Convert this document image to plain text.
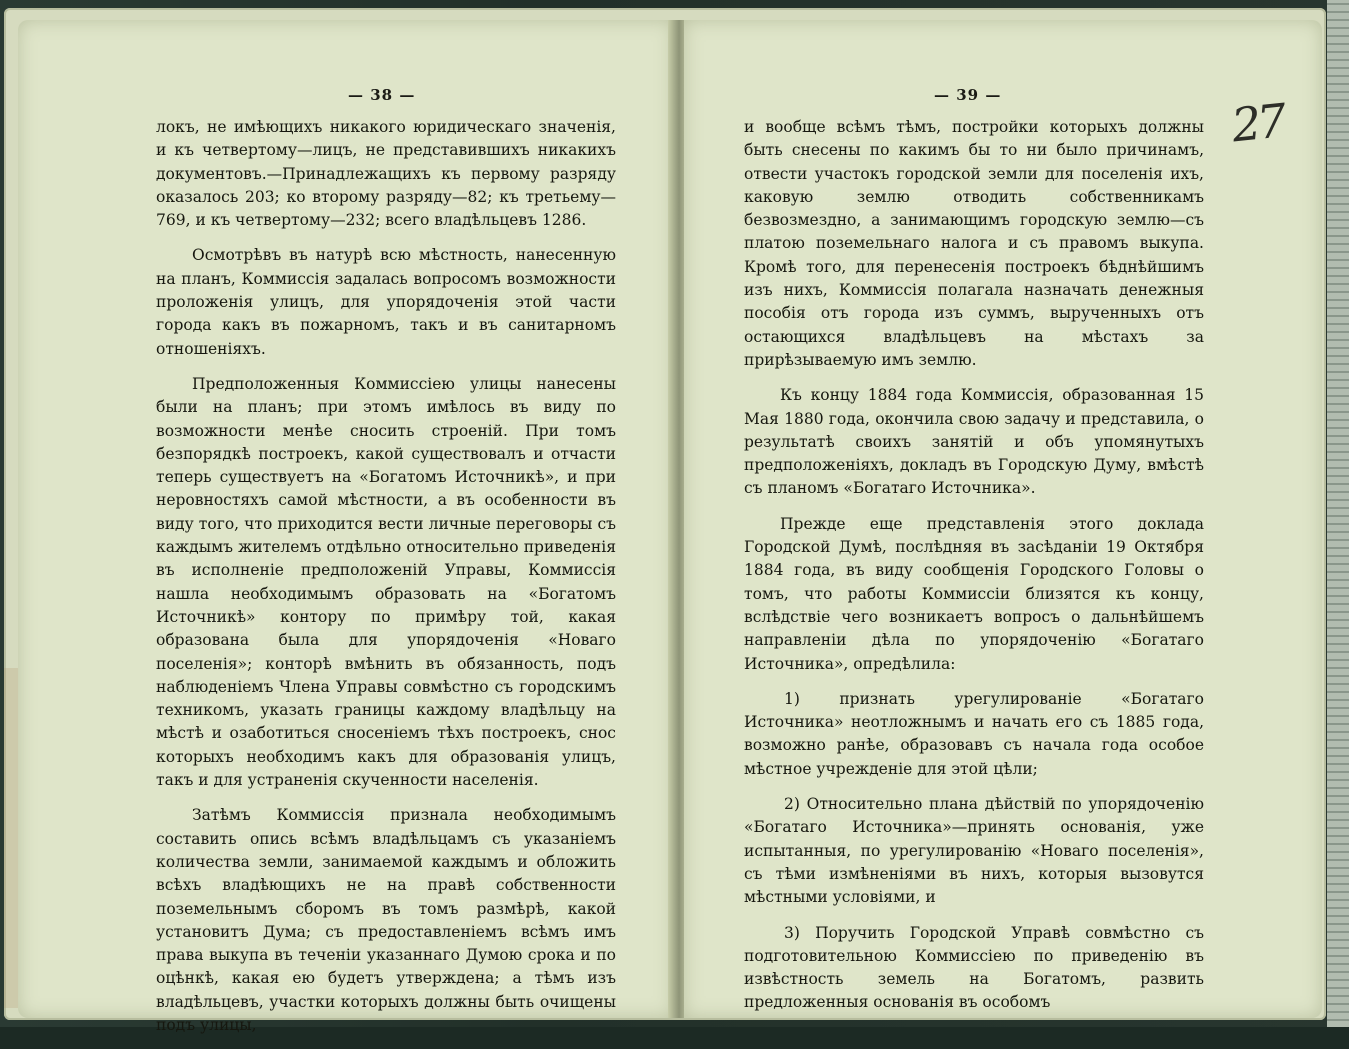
— 38 —

локъ, не имѣющихъ никакого юридическаго значенія, и къ четвертому—лицъ, не представившихъ никакихъ документовъ.—Принадлежащихъ къ первому разряду оказалось 203; ко второму разряду—82; къ третьему—769, и къ четвертому—232; всего владѣльцевъ 1286.

Осмотрѣвъ въ натурѣ всю мѣстность, нанесенную на планъ, Коммиссія задалась вопросомъ возможности проложенія улицъ, для упорядоченія этой части города какъ въ пожарномъ, такъ и въ санитарномъ отношеніяхъ.

Предположенныя Коммиссіею улицы нанесены были на планъ; при этомъ имѣлось въ виду по возможности менѣе сносить строеній. При томъ безпорядкѣ построекъ, какой существовалъ и отчасти теперь существуетъ на «Богатомъ Источникѣ», и при неровностяхъ самой мѣстности, а въ особенности въ виду того, что приходится вести личные переговоры съ каждымъ жителемъ отдѣльно относительно приведенія въ исполненіе предположеній Управы, Коммиссія нашла необходимымъ образовать на «Богатомъ Источникѣ» контору по примѣру той, какая образована была для упорядоченія «Новаго поселенія»; конторѣ вмѣнить въ обязанность, подъ наблюденіемъ Члена Управы совмѣстно съ городскимъ техникомъ, указать границы каждому владѣльцу на мѣстѣ и озаботиться сносеніемъ тѣхъ построекъ, снос которыхъ необходимъ какъ для образованія улицъ, такъ и для устраненія скученности населенія.

Затѣмъ Коммиссія признала необходимымъ составить опись всѣмъ владѣльцамъ съ указаніемъ количества земли, занимаемой каждымъ и обложить всѣхъ владѣющихъ не на правѣ собственности поземельнымъ сборомъ въ томъ размѣрѣ, какой установитъ Дума; съ предоставленіемъ всѣмъ имъ права выкупа въ теченіи указаннаго Думою срока и по оцѣнкѣ, какая ею будетъ утверждена; а тѣмъ изъ владѣльцевъ, участки которыхъ должны быть очищены подъ улицы,

— 39 —	27

и вообще всѣмъ тѣмъ, постройки которыхъ должны быть снесены по какимъ бы то ни было причинамъ, отвести участокъ городской земли для поселенія ихъ, каковую землю отводить собственникамъ безвозмездно, а занимающимъ городскую землю—съ платою поземельнаго налога и съ правомъ выкупа. Кромѣ того, для перенесенія построекъ бѣднѣйшимъ изъ нихъ, Коммиссія полагала назначать денежныя пособія отъ города изъ суммъ, вырученныхъ отъ остающихся владѣльцевъ на мѣстахъ за прирѣзываемую имъ землю.

Къ концу 1884 года Коммиссія, образованная 15 Мая 1880 года, окончила свою задачу и представила, о результатѣ своихъ занятій и объ упомянутыхъ предположеніяхъ, докладъ въ Городскую Думу, вмѣстѣ съ планомъ «Богатаго Источника».

Прежде еще представленія этого доклада Городской Думѣ, послѣдняя въ засѣданіи 19 Октября 1884 года, въ виду сообщенія Городского Головы о томъ, что работы Коммиссіи близятся къ концу, вслѣдствіе чего возникаетъ вопросъ о дальнѣйшемъ направленіи дѣла по упорядоченію «Богатаго Источника», опредѣлила:

1) признать урегулированіе «Богатаго Источника» неотложнымъ и начать его съ 1885 года, возможно ранѣе, образовавъ съ начала года особое мѣстное учрежденіе для этой цѣли;

2) Относительно плана дѣйствій по упорядоченію «Богатаго Источника»—принять основанія, уже испытанныя, по урегулированію «Новаго поселенія», съ тѣми измѣненіями въ нихъ, которыя вызовутся мѣстными условіями, и

3) Поручить Городской Управѣ совмѣстно съ подготовительною Коммиссіею по приведенію въ извѣстность земель на Богатомъ, развить предложенныя основанія въ особомъ
